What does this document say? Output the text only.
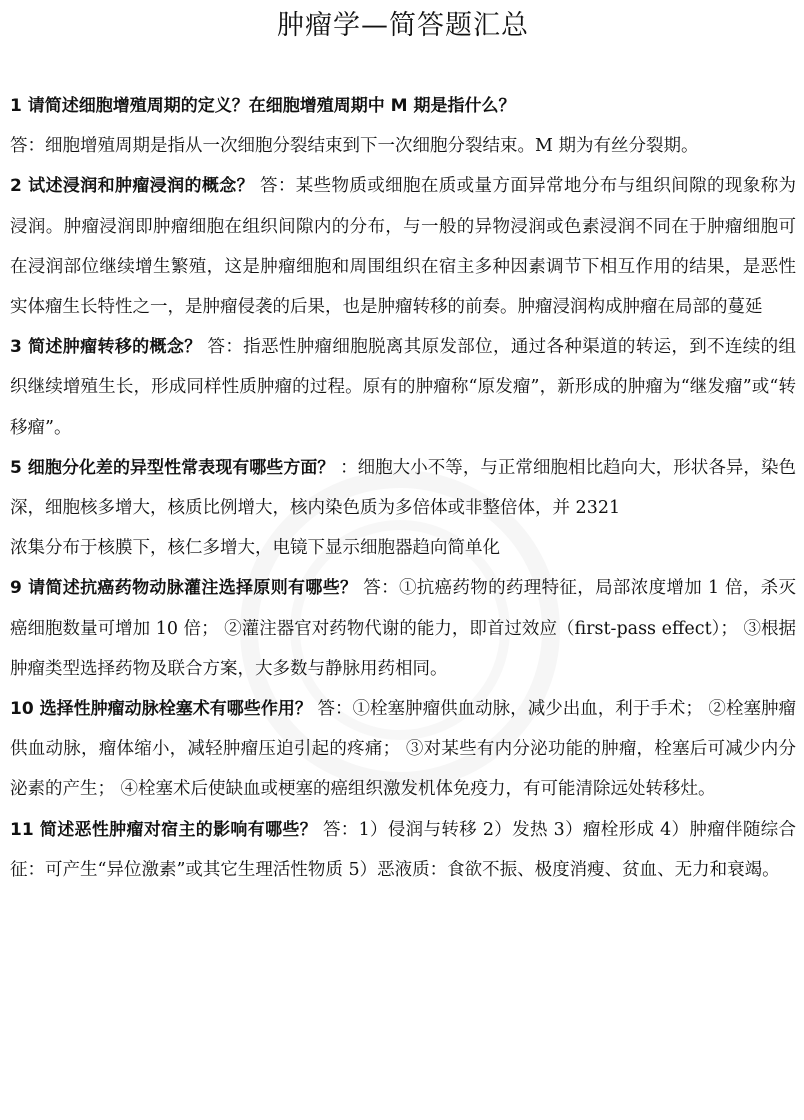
肿瘤学—简答题汇总

1 请简述细胞增殖周期的定义？在细胞增殖周期中 M 期是指什么？
答：细胞增殖周期是指从一次细胞分裂结束到下一次细胞分裂结束。M 期为有丝分裂期。

2 试述浸润和肿瘤浸润的概念？ 答：某些物质或细胞在质或量方面异常地分布与组织间隙的现象称为浸润。肿瘤浸润即肿瘤细胞在组织间隙内的分布，与一般的异物浸润或色素浸润不同在于肿瘤细胞可在浸润部位继续增生繁殖，这是肿瘤细胞和周围组织在宿主多种因素调节下相互作用的结果，是恶性实体瘤生长特性之一，是肿瘤侵袭的后果，也是肿瘤转移的前奏。肿瘤浸润构成肿瘤在局部的蔓延

3 简述肿瘤转移的概念？ 答：指恶性肿瘤细胞脱离其原发部位，通过各种渠道的转运，到不连续的组织继续增殖生长，形成同样性质肿瘤的过程。原有的肿瘤称“原发瘤”，新形成的肿瘤为“继发瘤”或“转移瘤”。

5 细胞分化差的异型性常表现有哪些方面？ ：细胞大小不等，与正常细胞相比趋向大，形状各异，染色深，细胞核多增大，核质比例增大，核内染色质为多倍体或非整倍体，并 2321
浓集分布于核膜下，核仁多增大，电镜下显示细胞器趋向简单化

9 请简述抗癌药物动脉灌注选择原则有哪些？ 答：①抗癌药物的药理特征，局部浓度增加 1 倍，杀灭癌细胞数量可增加 10 倍； ②灌注器官对药物代谢的能力，即首过效应（first-pass effect）； ③根据肿瘤类型选择药物及联合方案，大多数与静脉用药相同。

10 选择性肿瘤动脉栓塞术有哪些作用？ 答：①栓塞肿瘤供血动脉，减少出血，利于手术； ②栓塞肿瘤供血动脉，瘤体缩小，减轻肿瘤压迫引起的疼痛； ③对某些有内分泌功能的肿瘤，栓塞后可减少内分泌素的产生； ④栓塞术后使缺血或梗塞的癌组织激发机体免疫力，有可能清除远处转移灶。

11 简述恶性肿瘤对宿主的影响有哪些？ 答：1）侵润与转移 2）发热 3）瘤栓形成 4）肿瘤伴随综合征：可产生“异位激素”或其它生理活性物质 5）恶液质：食欲不振、极度消瘦、贫血、无力和衰竭。
